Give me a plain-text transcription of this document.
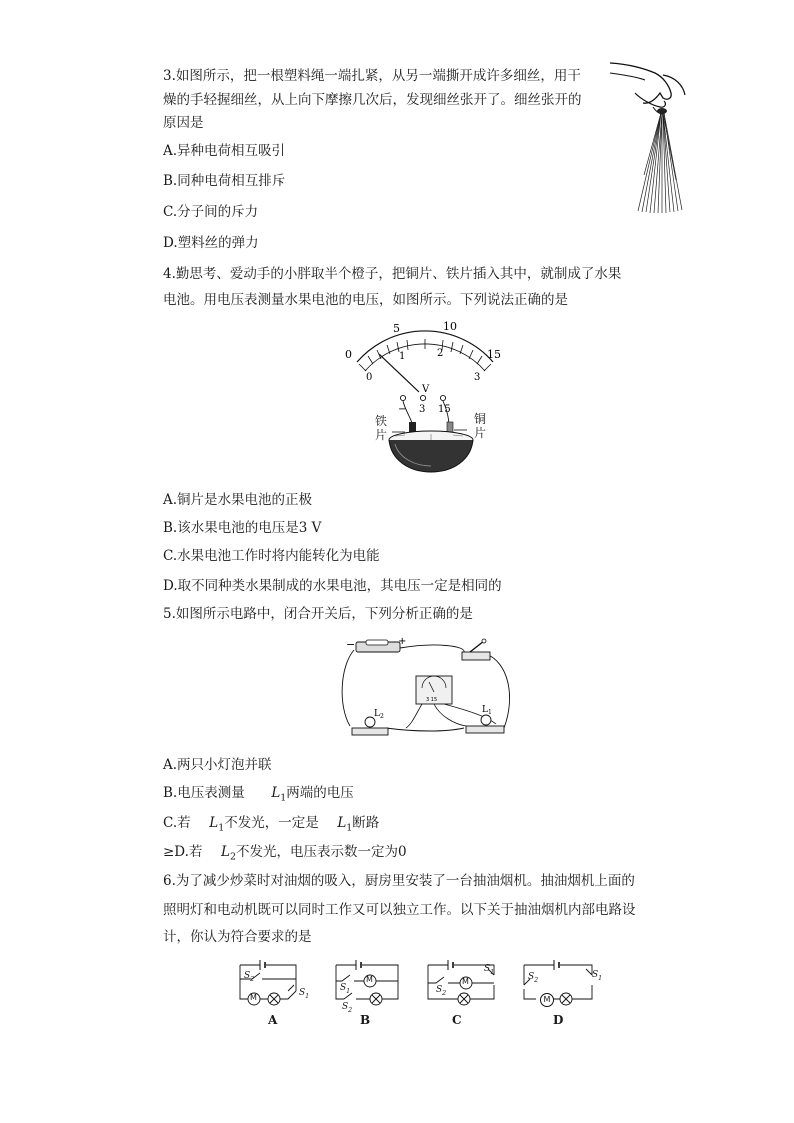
3.如图所示，把一根塑料绳一端扎紧，从另一端撕开成许多细丝，用干
燥的手轻握细丝，从上向下摩擦几次后，发现细丝张开了。细丝张开的
原因是
A.异种电荷相互吸引
B.同种电荷相互排斥
C.分子间的斥力
D.塑料丝的弹力
4.勤思考、爱动手的小胖取半个橙子，把铜片、铁片插入其中，就制成了水果
电池。用电压表测量水果电池的电压，如图所示。下列说法正确的是
0
5	10
15
0
1	2
3
V
− 3 15
铁片
铜片
A.铜片是水果电池的正极
B.该水果电池的电压是3 V
C.水果电池工作时将内能转化为电能
D.取不同种类水果制成的水果电池，其电压一定是相同的
5.如图所示电路中，闭合开关后，下列分析正确的是
−	+
3 15
$L_2$
$L_1$
A.两只小灯泡并联
B.电压表测量 $L_1$两端的电压
C.若 $L_1$不发光，一定是 $L_1$断路
≥D.若 $L_2$不发光，电压表示数一定为0
6.为了减少炒菜时对油烟的吸入，厨房里安装了一台抽油烟机。抽油烟机上面的
照明灯和电动机既可以同时工作又可以独立工作。以下关于抽油烟机内部电路设
计，你认为符合要求的是
M
$S_2$
$S_1$
M
$S_1$
$S_2$
M
$S_2$
$S_1$
M
$S_2$
$S_1$
A	B	C	D
